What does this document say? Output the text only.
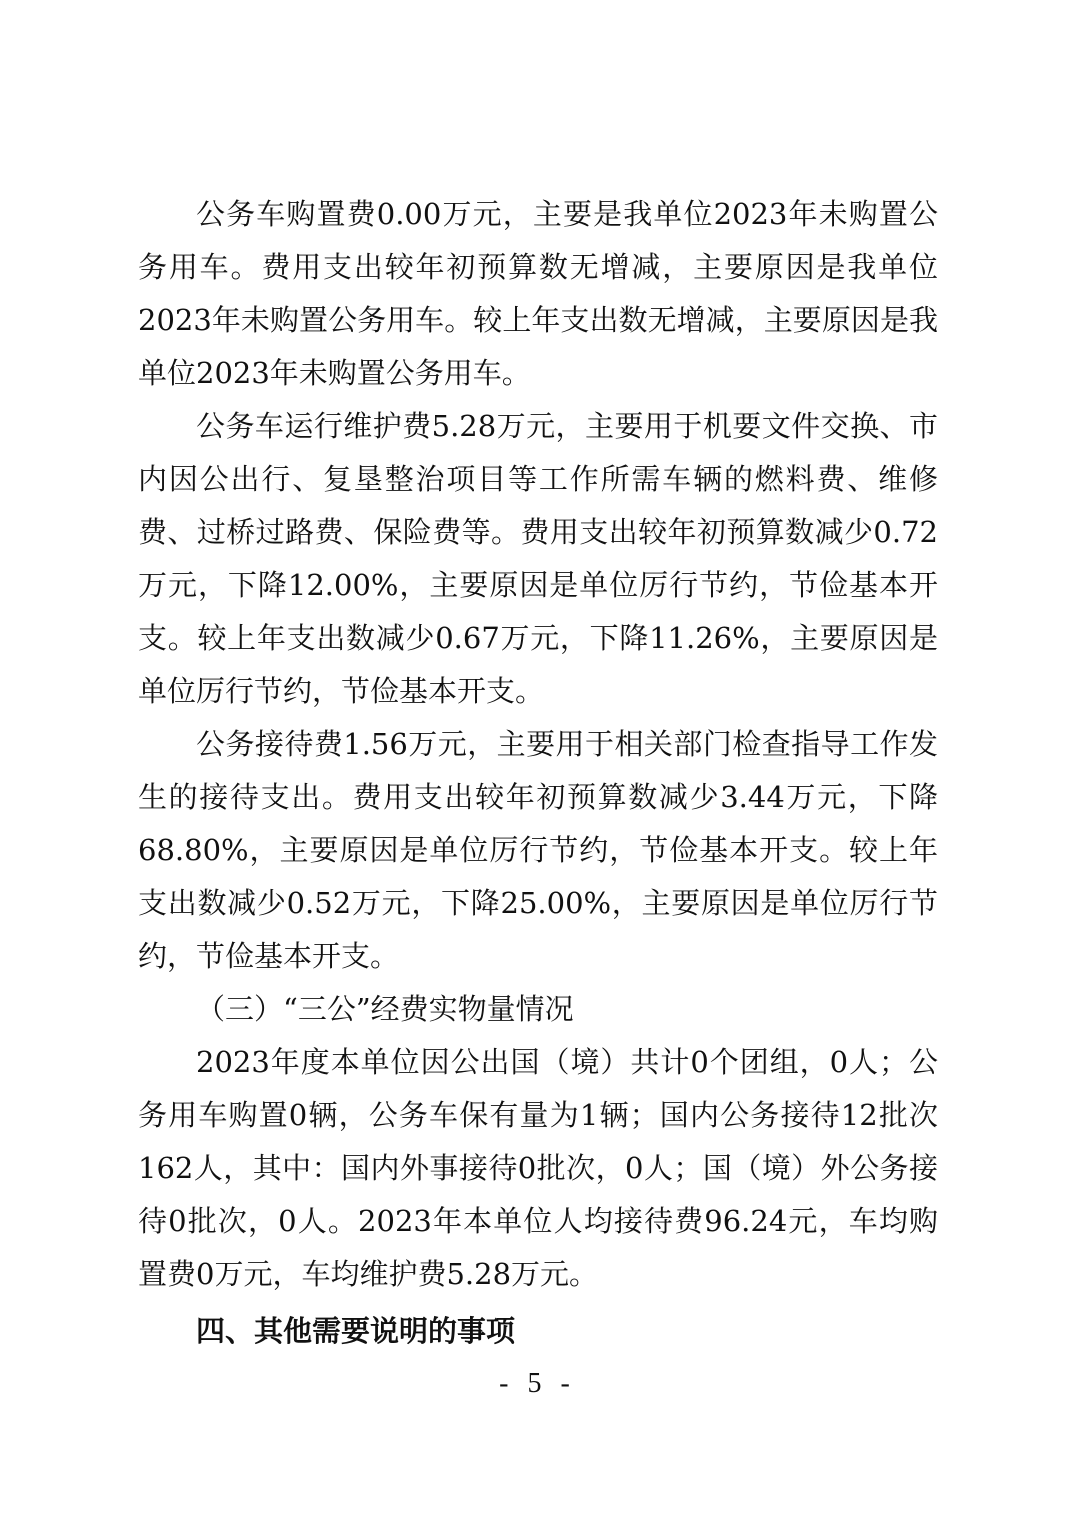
公务车购置费0.00万元，主要是我单位2023年未购置公务用车。费用支出较年初预算数无增减，主要原因是我单位2023年未购置公务用车。较上年支出数无增减，主要原因是我单位2023年未购置公务用车。

公务车运行维护费5.28万元，主要用于机要文件交换、市内因公出行、复垦整治项目等工作所需车辆的燃料费、维修费、过桥过路费、保险费等。费用支出较年初预算数减少0.72万元，下降12.00%，主要原因是单位厉行节约，节俭基本开支。较上年支出数减少0.67万元，下降11.26%，主要原因是单位厉行节约，节俭基本开支。

公务接待费1.56万元，主要用于相关部门检查指导工作发生的接待支出。费用支出较年初预算数减少3.44万元，下降68.80%，主要原因是单位厉行节约，节俭基本开支。较上年支出数减少0.52万元，下降25.00%，主要原因是单位厉行节约，节俭基本开支。

（三）“三公”经费实物量情况

2023年度本单位因公出国（境）共计0个团组，0人；公务用车购置0辆，公务车保有量为1辆；国内公务接待12批次162人，其中：国内外事接待0批次，0人；国（境）外公务接待0批次，0人。2023年本单位人均接待费96.24元，车均购置费0万元，车均维护费5.28万元。

四、其他需要说明的事项

- 5 -
